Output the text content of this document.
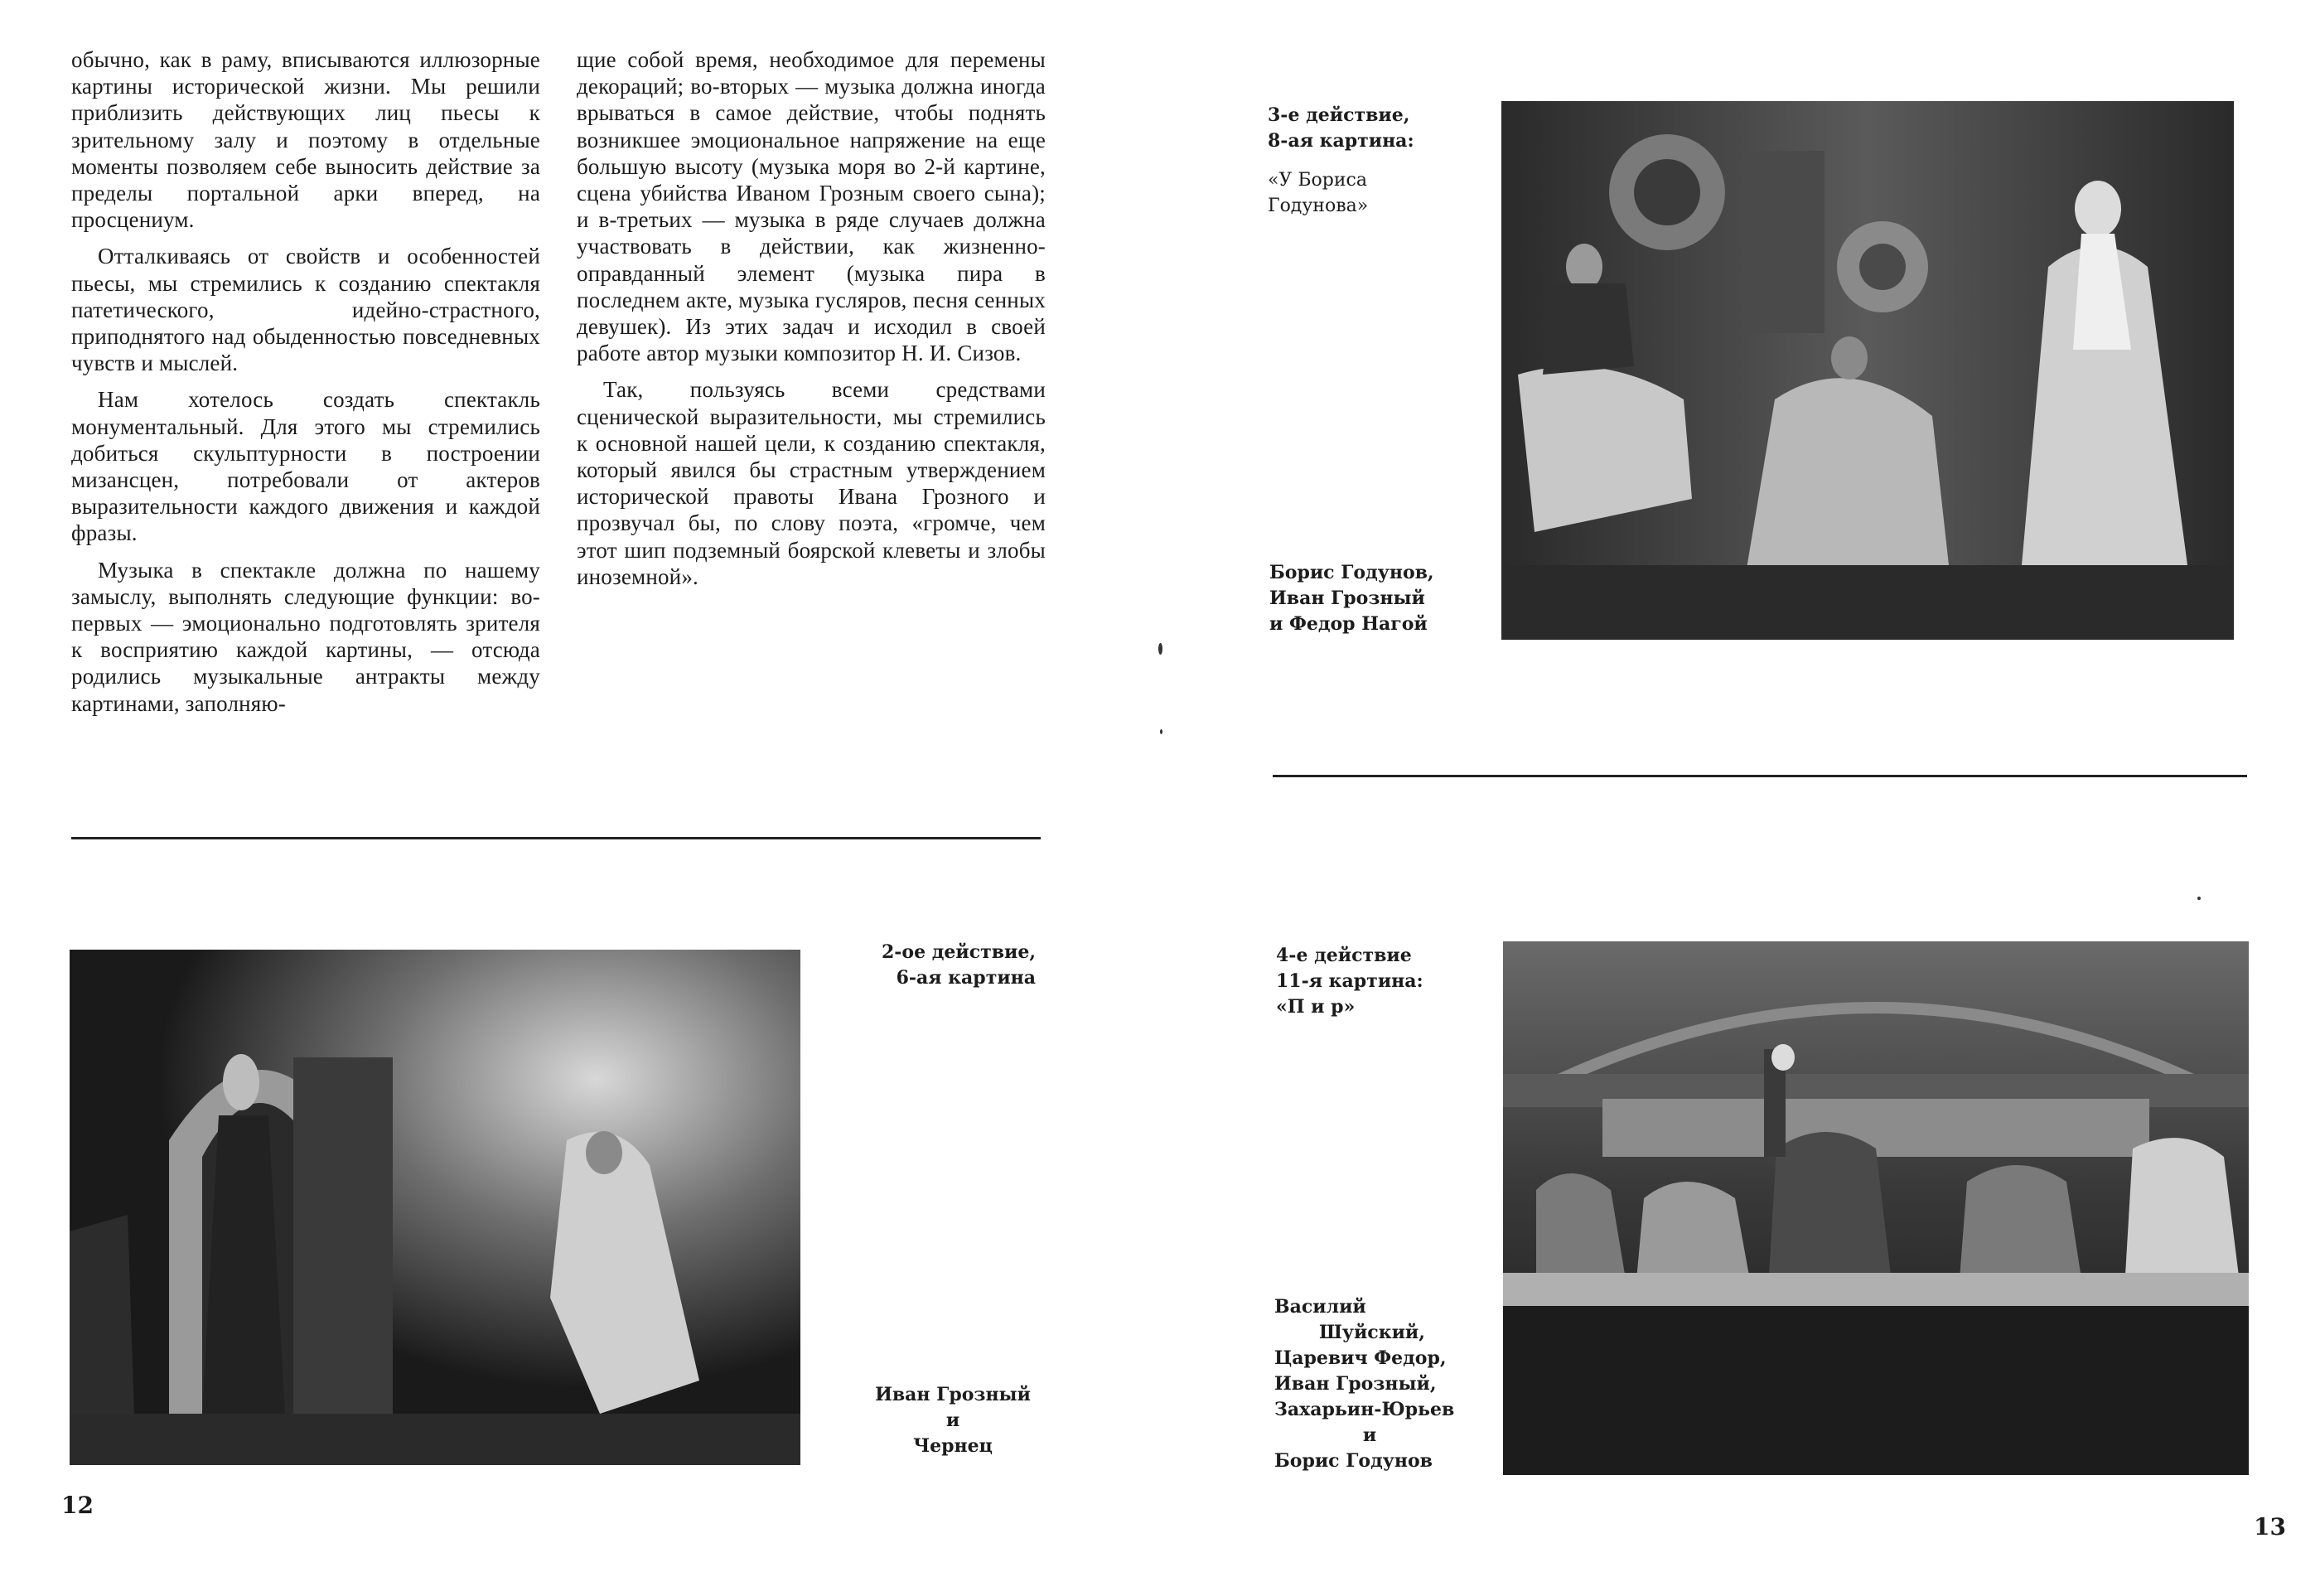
обычно, как в раму, вписываются иллюзорные картины исторической жизни. Мы решили приблизить действующих лиц пьесы к зрительному залу и поэтому в отдельные моменты позволяем себе выносить действие за пределы портальной арки вперед, на просцениум.

Отталкиваясь от свойств и особенностей пьесы, мы стремились к созданию спектакля патетического, идейно-страстного, приподнятого над обыденностью повседневных чувств и мыслей.

Нам хотелось создать спектакль монументальный. Для этого мы стремились добиться скульптурности в построении мизансцен, потребовали от актеров выразительности каждого движения и каждой фразы.

Музыка в спектакле должна по нашему замыслу, выполнять следующие функции: во-первых — эмоционально подготовлять зрителя к восприятию каждой картины, — отсюда родились музыкальные антракты между картинами, заполняю-

щие собой время, необходимое для перемены декораций; во-вторых — музыка должна иногда врываться в самое действие, чтобы поднять возникшее эмоциональное напряжение на еще большую высоту (музыка моря во 2-й картине, сцена убийства Иваном Грозным своего сына); и в-третьих — музыка в ряде случаев должна участвовать в действии, как жизненно-оправданный элемент (музыка пира в последнем акте, музыка гусляров, песня сенных девушек). Из этих задач и исходил в своей работе автор музыки композитор Н. И. Сизов.

Так, пользуясь всеми средствами сценической выразительности, мы стремились к основной нашей цели, к созданию спектакля, который явился бы страстным утверждением исторической правоты Ивана Грозного и прозвучал бы, по слову поэта, «громче, чем этот шип подземный боярской клеветы и злобы иноземной».

2-ое действие,
6-ая картина
Иван Грозный
и
Чернец
12
3-е действие,
8-ая картина:
«У Бориса
Годунова»
Борис Годунов,
Иван Грозный
и Федор Нагой
4-е действие
11-я картина:
«П и р»
Василий
Шуйский,
Царевич Федор,
Иван Грозный,
Захарьин-Юрьев
и
Борис Годунов
13
